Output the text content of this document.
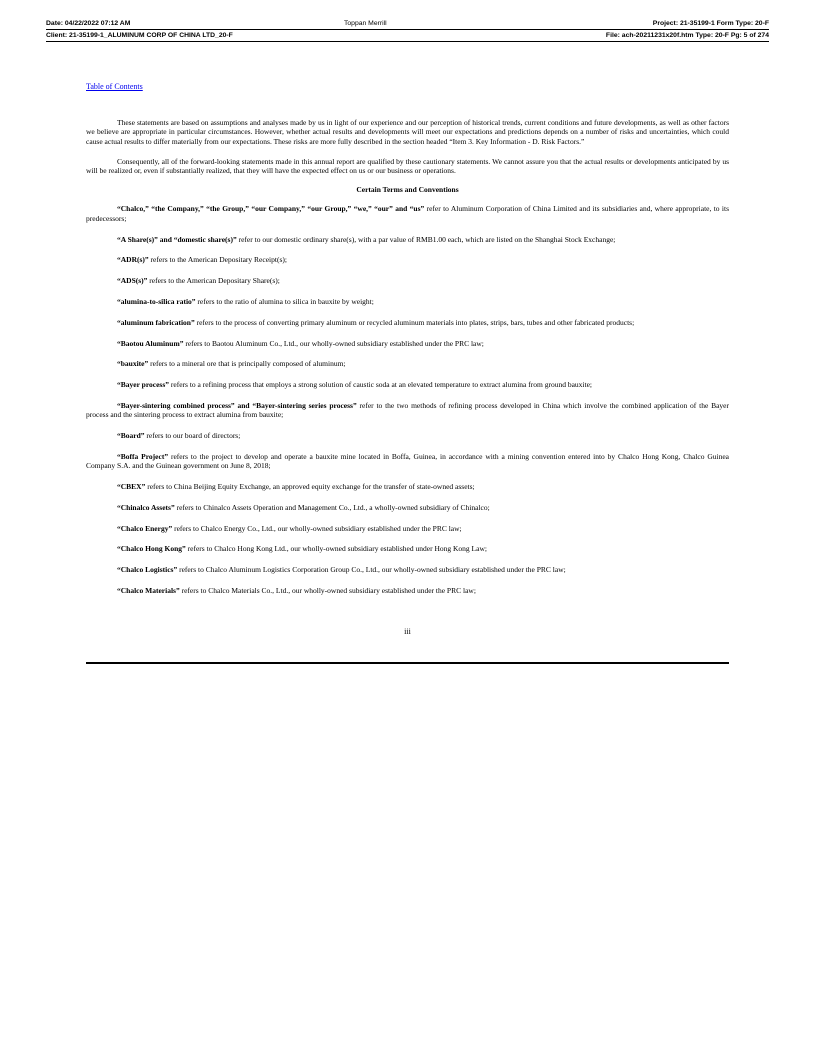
Date: 04/22/2022 07:12 AM	Toppan Merrill	Project: 21-35199-1 Form Type: 20-F
Client: 21-35199-1_ALUMINUM CORP OF CHINA LTD_20-F	File: ach-20211231x20f.htm Type: 20-F Pg: 5 of 274
Table of Contents

These statements are based on assumptions and analyses made by us in light of our experience and our perception of historical trends, current conditions and future developments, as well as other factors we believe are appropriate in particular circumstances. However, whether actual results and developments will meet our expectations and predictions depends on a number of risks and uncertainties, which could cause actual results to differ materially from our expectations. These risks are more fully described in the section headed “Item 3. Key Information - D. Risk Factors.”

Consequently, all of the forward-looking statements made in this annual report are qualified by these cautionary statements. We cannot assure you that the actual results or developments anticipated by us will be realized or, even if substantially realized, that they will have the expected effect on us or our business or operations.

Certain Terms and Conventions

“Chalco,” “the Company,” “the Group,” “our Company,” “our Group,” “we,” “our” and “us” refer to Aluminum Corporation of China Limited and its subsidiaries and, where appropriate, to its predecessors;

“A Share(s)” and “domestic share(s)” refer to our domestic ordinary share(s), with a par value of RMB1.00 each, which are listed on the Shanghai Stock Exchange;

“ADR(s)” refers to the American Depositary Receipt(s);

“ADS(s)” refers to the American Depositary Share(s);

“alumina-to-silica ratio” refers to the ratio of alumina to silica in bauxite by weight;

“aluminum fabrication” refers to the process of converting primary aluminum or recycled aluminum materials into plates, strips, bars, tubes and other fabricated products;

“Baotou Aluminum” refers to Baotou Aluminum Co., Ltd., our wholly-owned subsidiary established under the PRC law;

“bauxite” refers to a mineral ore that is principally composed of aluminum;

“Bayer process” refers to a refining process that employs a strong solution of caustic soda at an elevated temperature to extract alumina from ground bauxite;

“Bayer-sintering combined process” and “Bayer-sintering series process” refer to the two methods of refining process developed in China which involve the combined application of the Bayer process and the sintering process to extract alumina from bauxite;

“Board” refers to our board of directors;

“Boffa Project” refers to the project to develop and operate a bauxite mine located in Boffa, Guinea, in accordance with a mining convention entered into by Chalco Hong Kong, Chalco Guinea Company S.A. and the Guinean government on June 8, 2018;

“CBEX” refers to China Beijing Equity Exchange, an approved equity exchange for the transfer of state-owned assets;

“Chinalco Assets” refers to Chinalco Assets Operation and Management Co., Ltd., a wholly-owned subsidiary of Chinalco;

“Chalco Energy” refers to Chalco Energy Co., Ltd., our wholly-owned subsidiary established under the PRC law;

“Chalco Hong Kong” refers to Chalco Hong Kong Ltd., our wholly-owned subsidiary established under Hong Kong Law;

“Chalco Logistics” refers to Chalco Aluminum Logistics Corporation Group Co., Ltd., our wholly-owned subsidiary established under the PRC law;

“Chalco Materials” refers to Chalco Materials Co., Ltd., our wholly-owned subsidiary established under the PRC law;

iii
